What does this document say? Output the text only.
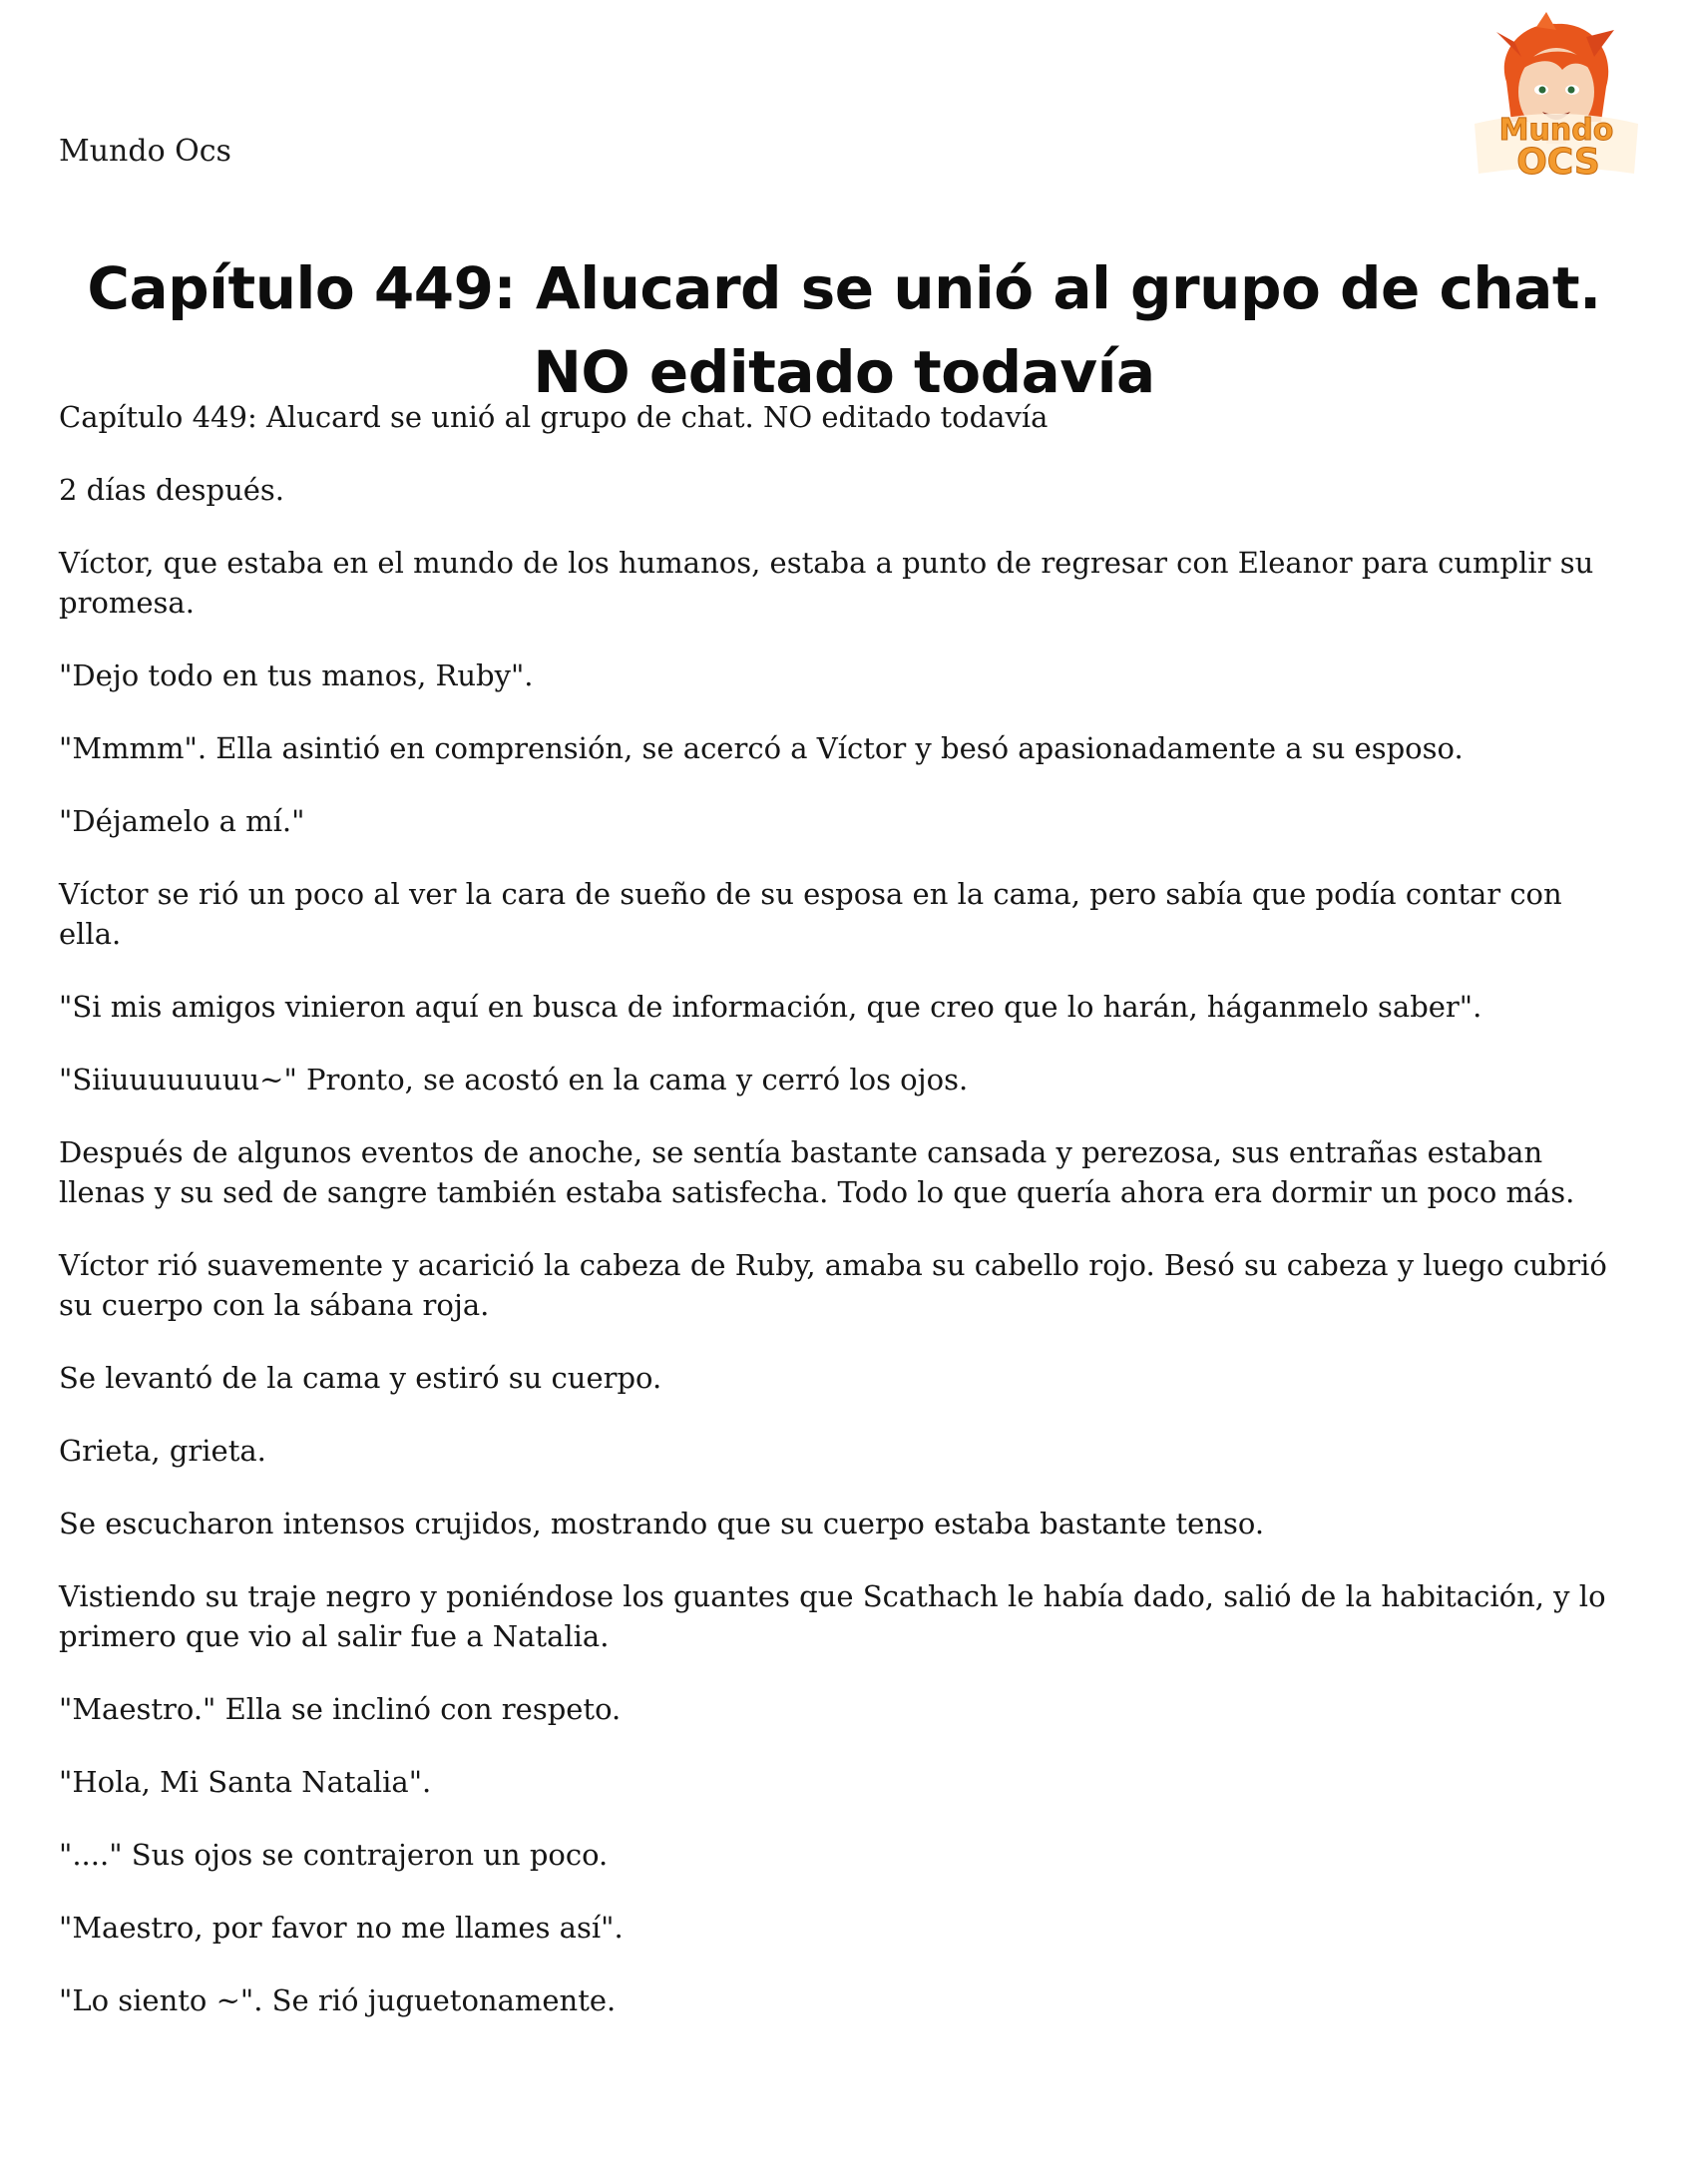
Mundo Ocs
Mundo
OCS
Capítulo 449: Alucard se unió al grupo de chat. NO editado todavía

Capítulo 449: Alucard se unió al grupo de chat. NO editado todavía

2 días después.

Víctor, que estaba en el mundo de los humanos, estaba a punto de regresar con Eleanor para cumplir su promesa.

"Dejo todo en tus manos, Ruby".

"Mmmm". Ella asintió en comprensión, se acercó a Víctor y besó apasionadamente a su esposo.

"Déjamelo a mí."

Víctor se rió un poco al ver la cara de sueño de su esposa en la cama, pero sabía que podía contar con ella.

"Si mis amigos vinieron aquí en busca de información, que creo que lo harán, háganmelo saber".

"Siiuuuuuuuu~" Pronto, se acostó en la cama y cerró los ojos.

Después de algunos eventos de anoche, se sentía bastante cansada y perezosa, sus entrañas estaban llenas y su sed de sangre también estaba satisfecha. Todo lo que quería ahora era dormir un poco más.

Víctor rió suavemente y acarició la cabeza de Ruby, amaba su cabello rojo. Besó su cabeza y luego cubrió su cuerpo con la sábana roja.

Se levantó de la cama y estiró su cuerpo.

Grieta, grieta.

Se escucharon intensos crujidos, mostrando que su cuerpo estaba bastante tenso.

Vistiendo su traje negro y poniéndose los guantes que Scathach le había dado, salió de la habitación, y lo primero que vio al salir fue a Natalia.

"Maestro." Ella se inclinó con respeto.

"Hola, Mi Santa Natalia".

"...." Sus ojos se contrajeron un poco.

"Maestro, por favor no me llames así".

"Lo siento ~". Se rió juguetonamente.
